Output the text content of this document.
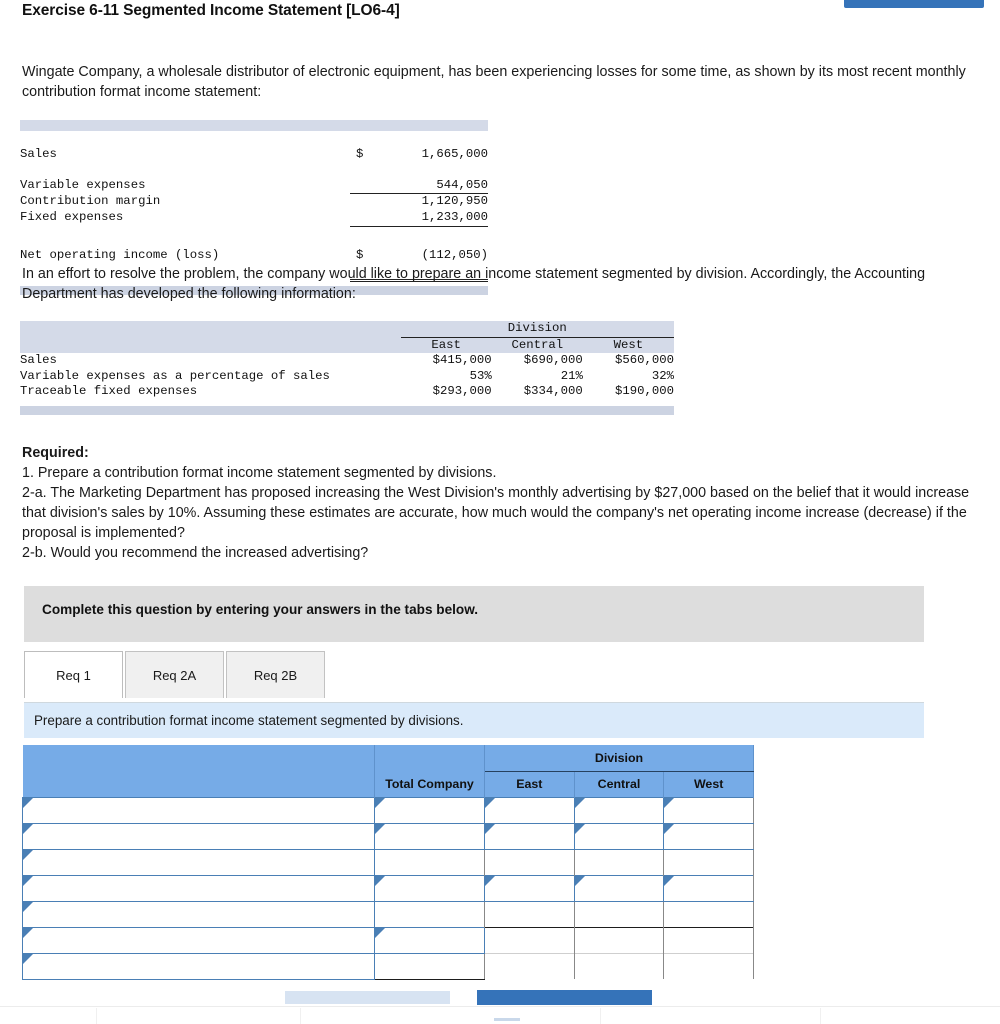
Exercise 6-11 Segmented Income Statement [LO6-4]
Wingate Company, a wholesale distributor of electronic equipment, has been experiencing losses for some time, as shown by its most recent monthly contribution format income statement:

Sales	$ 1,665,000

Variable expenses	544,050
Contribution margin	1,120,950
Fixed expenses	1,233,000

Net operating income (loss)	$ (112,050)

In an effort to resolve the problem, the company would like to prepare an income statement segmented by division. Accordingly, the Accounting Department has developed the following information:
	Division		
	East	Central	West
Sales	$415,000	$690,000	$560,000
Variable expenses as a percentage of sales	53%	21%	32%
Traceable fixed expenses	$293,000	$334,000	$190,000

Required:
1. Prepare a contribution format income statement segmented by divisions.
2-a. The Marketing Department has proposed increasing the West Division's monthly advertising by $27,000 based on the belief that it would increase that division's sales by 10%. Assuming these estimates are accurate, how much would the company's net operating income increase (decrease) if the proposal is implemented?
2-b. Would you recommend the increased advertising?
Complete this question by entering your answers in the tabs below.
Req 1	Req 2A	Req 2B
Prepare a contribution format income statement segmented by divisions.
		Division		
	Total Company	East	Central	West
